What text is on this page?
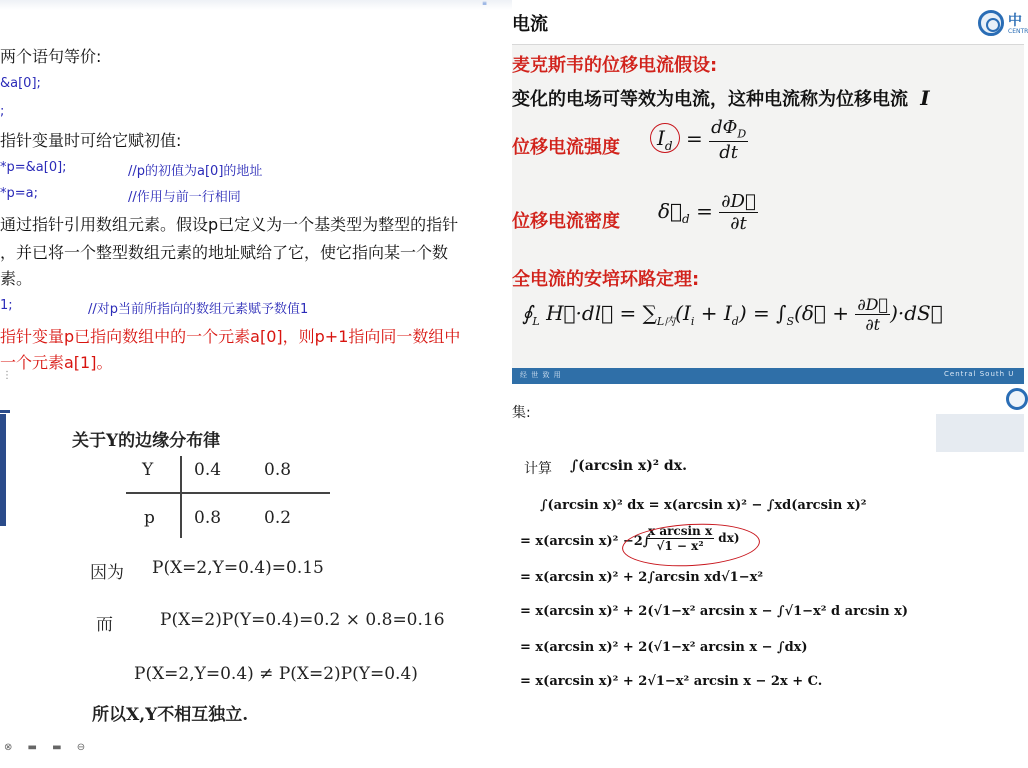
≡
两个语句等价:
&a[0];
;
指针变量时可给它赋初值:
*p=&a[0];
*p=a;
通过指针引用数组元素。假设p已定义为一个基类型为整型的指针
，并已将一个整型数组元素的地址赋给了它，使它指向某一个数
素。
1;
指针变量p已指向数组中的一个元素a[0]，则p+1指向同一数组中
一个元素a[1]。
//p的初值为a[0]的地址
//作用与前一行相同
//对p当前所指向的数组元素赋予数值1
⋮
电流	中
CENTR
麦克斯韦的位移电流假设:
变化的电场可等效为电流，这种电流称为位移电流 I
位移电流强度	$I_d = \frac{d\Phi_D}{dt}$
位移电流密度 $\delta⃗_d = \frac{\partial D⃗}{\partial t}$
全电流的安培环路定理:
$∮_L$ H⃗·dl⃗ = $\sum_{L内}(I_i + I_d)$ = $\int_S(\delta⃗ + \frac{\partial D⃗}{\partial t}$ )·dS⃗
经 世 致 用	Central South U
关于Y的边缘分布律
Y 0.4	0.8
p 0.8	0.2
因为 P(X=2,Y=0.4)=0.15
而	P(X=2)P(Y=0.4)=0.2 × 0.8=0.16
P(X=2,Y=0.4) ≠ P(X=2)P(Y=0.4)
所以X,Y不相互独立.
⊗ ▬ ▬ ⊖
集:
计算 ∫(arcsin x)² dx.
∫(arcsin x)² dx = x(arcsin x)² − ∫xd(arcsin x)²
= x(arcsin x)² −2∫
$\frac{\text{x arcsin x}}{\text{√1 − x²}} dx$)
= x(arcsin x)² + 2∫arcsin xd√1−x²
= x(arcsin x)² + 2(√1−x² arcsin x − ∫√1−x² d arcsin x)
= x(arcsin x)² + 2(√1−x² arcsin x − ∫dx)
= x(arcsin x)² + 2√1−x² arcsin x − 2x + C.
